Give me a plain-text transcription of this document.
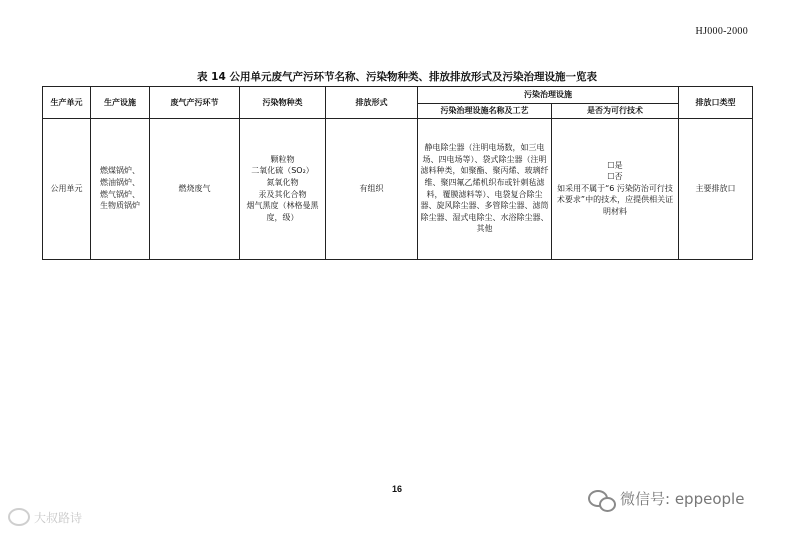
HJ000-2000
表 14 公用单元废气产污环节名称、污染物种类、排放排放形式及污染治理设施一览表
生产单元	生产设施	废气产污环节	污染物种类	排放形式	污染治理设施		排放口类型
					污染治理设施名称及工艺	是否为可行技术	
公用单元	燃煤锅炉、
燃油锅炉、
燃气锅炉、
生物质锅炉	燃烧废气	颗粒物
二氧化硫（SO₂）
氮氧化物
汞及其化合物
烟气黑度（林格曼黑度，级）	有组织	静电除尘器（注明电场数，如三电场、四电场等）、袋式除尘器（注明滤料种类，如聚酯、聚丙烯、玻璃纤维、聚四氟乙烯机织布或针刺毡滤料，覆膜滤料等）、电袋复合除尘器、旋风除尘器、多管除尘器、滤筒除尘器、湿式电除尘、水浴除尘器、其他	☐是
☐否
如采用不属于“6 污染防治可行技术要求”中的技术，应提供相关证明材料	主要排放口
16
微信号: eppeople
大叔路诗
